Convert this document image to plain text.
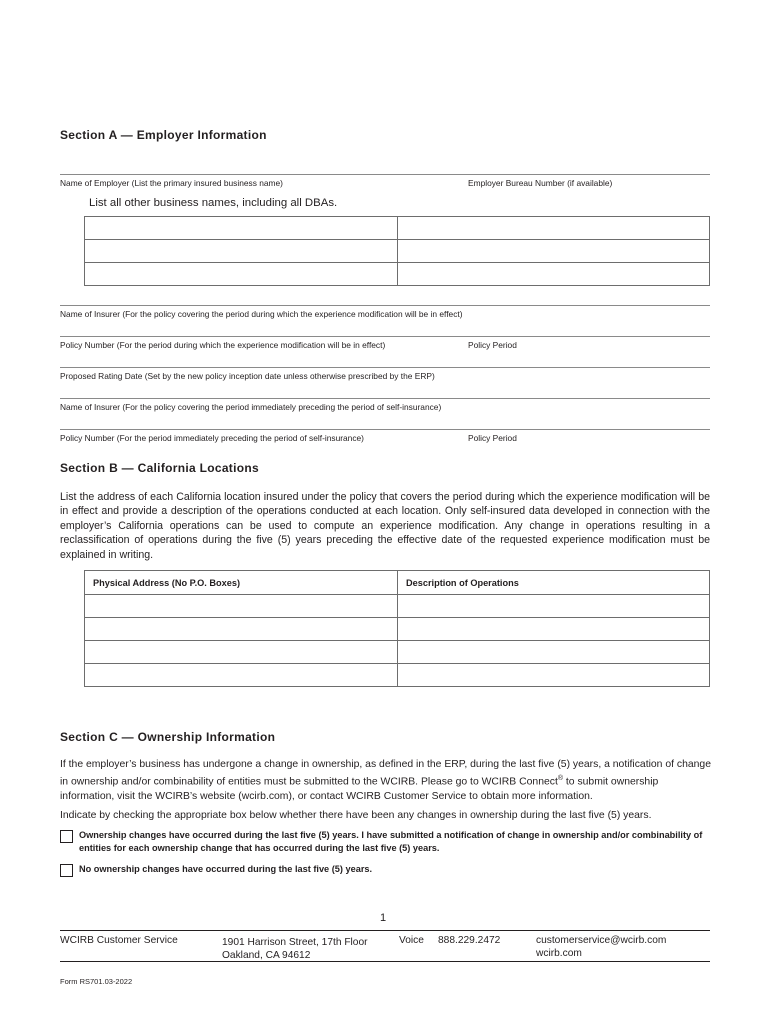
Section A — Employer Information
Name of Employer (List the primary insured business name)	Employer Bureau Number (if available)
List all other business names, including all DBAs.

Name of Insurer (For the policy covering the period during which the experience modification will be in effect)
Policy Number (For the period during which the experience modification will be in effect)	Policy Period
Proposed Rating Date (Set by the new policy inception date unless otherwise prescribed by the ERP)
Name of Insurer (For the policy covering the period immediately preceding the period of self-insurance)
Policy Number (For the period immediately preceding the period of self-insurance)	Policy Period
Section B — California Locations
List the address of each California location insured under the policy that covers the period during which the experience modification will be in effect and provide a description of the operations conducted at each location. Only self-insured data developed in connection with the employer’s California operations can be used to compute an experience modification. Any change in operations resulting in a reclassification of operations during the five (5) years preceding the effective date of the requested experience modification must be explained in writing.
Physical Address (No P.O. Boxes)	Description of Operations

Section C — Ownership Information
If the employer’s business has undergone a change in ownership, as defined in the ERP, during the last five (5) years, a notification of change in ownership and/or combinability of entities must be submitted to the WCIRB. Please go to WCIRB Connect® to submit ownership information, visit the WCIRB’s website (wcirb.com), or contact WCIRB Customer Service to obtain more information.
Indicate by checking the appropriate box below whether there have been any changes in ownership during the last five (5) years.
Ownership changes have occurred during the last five (5) years. I have submitted a notification of change in ownership and/or combinability of entities for each ownership change that has occurred during the last five (5) years.
No ownership changes have occurred during the last five (5) years.
1
WCIRB Customer Service	1901 Harrison Street, 17th Floor
Oakland, CA 94612
Voice 888.229.2472	customerservice@wcirb.com
wcirb.com
Form RS701.03-2022
